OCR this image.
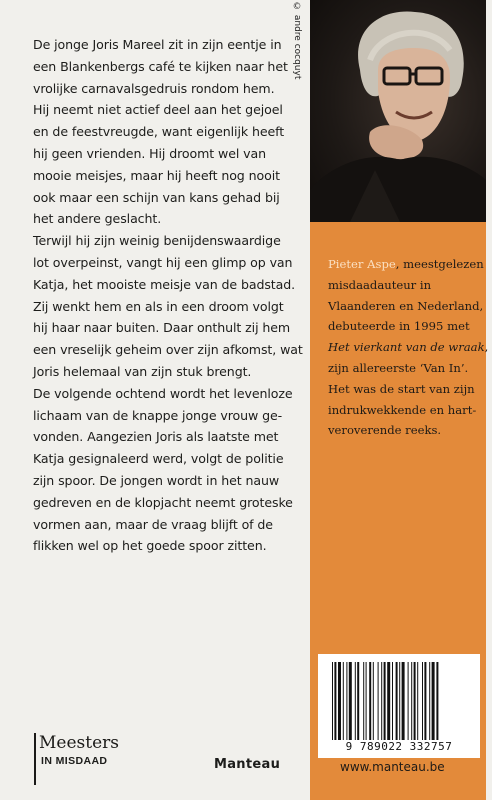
De jonge Joris Mareel zit in zijn eentje in
een Blankenbergs café te kijken naar het
vrolijke carnavalsgedruis rondom hem.
Hij neemt niet actief deel aan het gejoel
en de feestvreugde, want eigenlijk heeft
hij geen vrienden. Hij droomt wel van
mooie meisjes, maar hij heeft nog nooit
ook maar een schijn van kans gehad bij
het andere geslacht.

Terwijl hij zijn weinig benijdenswaardige
lot overpeinst, vangt hij een glimp op van
Katja, het mooiste meisje van de badstad.
Zij wenkt hem en als in een droom volgt
hij haar naar buiten. Daar onthult zij hem
een vreselijk geheim over zijn afkomst, wat
Joris helemaal van zijn stuk brengt.

De volgende ochtend wordt het levenloze
lichaam van de knappe jonge vrouw ge-
vonden. Aangezien Joris als laatste met
Katja gesignaleerd werd, volgt de politie
zijn spoor. De jongen wordt in het nauw
gedreven en de klopjacht neemt groteske
vormen aan, maar de vraag blijft of de
flikken wel op het goede spoor zitten.

© andre cocquyt
Pieter Aspe, meestgelezen
misdaadauteur in
Vlaanderen en Nederland,
debuteerde in 1995 met
Het vierkant van de wraak,
zijn allereerste ‘Van In’.
Het was de start van zijn
indrukwekkende en hart-
veroverende reeks.
9 789022 332757
www.manteau.be
Meesters
IN MISDAAD	Manteau
